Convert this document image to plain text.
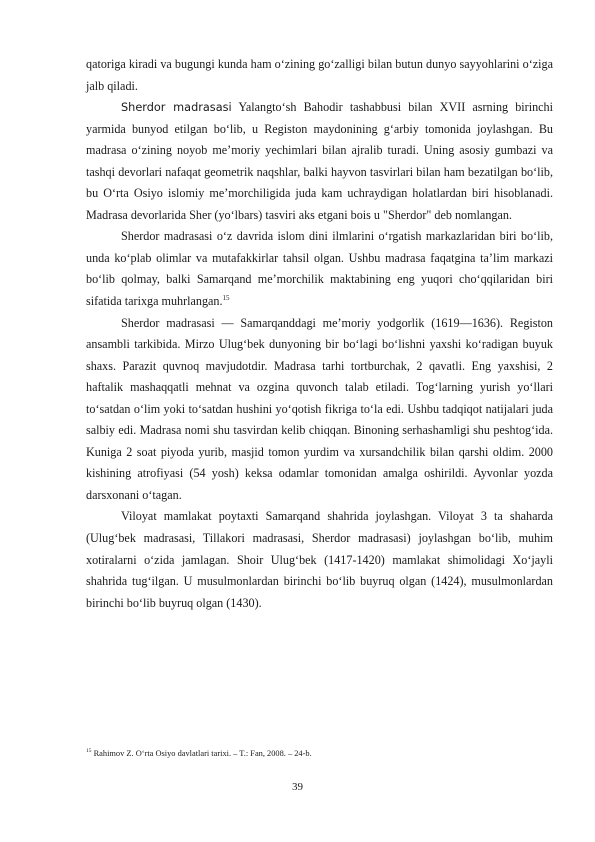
qatoriga kiradi va bugungi kunda ham o‘zining go‘zalligi bilan butun dunyo sayyohlarini o‘ziga jalb qiladi.

Sherdor madrasasi Yalangto‘sh Bahodir tashabbusi bilan XVII asrning birinchi yarmida bunyod etilgan bo‘lib, u Registon maydonining g‘arbiy tomonida joylashgan. Bu madrasa o‘zining noyob me’moriy yechimlari bilan ajralib turadi. Uning asosiy gumbazi va tashqi devorlari nafaqat geometrik naqshlar, balki hayvon tasvirlari bilan ham bezatilgan bo‘lib, bu O‘rta Osiyo islomiy me’morchiligida juda kam uchraydigan holatlardan biri hisoblanadi. Madrasa devorlarida Sher (yo‘lbars) tasviri aks etgani bois u "Sherdor" deb nomlangan.

Sherdor madrasasi o‘z davrida islom dini ilmlarini o‘rgatish markazlaridan biri bo‘lib, unda ko‘plab olimlar va mutafakkirlar tahsil olgan. Ushbu madrasa faqatgina ta’lim markazi bo‘lib qolmay, balki Samarqand me’morchilik maktabining eng yuqori cho‘qqilaridan biri sifatida tarixga muhrlangan.$^{15}$

Sherdor madrasasi — Samarqanddagi meʼmoriy yodgorlik (1619—1636). Registon ansambli tarkibida. Mirzo Ulug‘bek dunyoning bir bo‘lagi bo‘lishni yaxshi ko‘radigan buyuk shaxs. Parazit quvnoq mavjudotdir. Madrasa tarhi tortburchak, 2 qavatli. Eng yaxshisi, 2 haftalik mashaqqatli mehnat va ozgina quvonch talab etiladi. Tog‘larning yurish yo‘llari to‘satdan o‘lim yoki to‘satdan hushini yo‘qotish fikriga to‘la edi. Ushbu tadqiqot natijalari juda salbiy edi. Madrasa nomi shu tasvirdan kelib chiqqan. Binoning serhashamligi shu peshtogʻida. Kuniga 2 soat piyoda yurib, masjid tomon yurdim va xursandchilik bilan qarshi oldim. 2000 kishining atrofiyasi (54 yosh) keksa odamlar tomonidan amalga oshirildi. Ayvonlar yozda darsxonani oʻtagan.

Viloyat mamlakat poytaxti Samarqand shahrida joylashgan. Viloyat 3 ta shaharda (Ulugʻbek madrasasi, Tillakori madrasasi, Sherdor madrasasi) joylashgan boʻlib, muhim xotiralarni oʻzida jamlagan. Shoir Ulugʻbek (1417-1420) mamlakat shimolidagi Xo‘jayli shahrida tug‘ilgan. U musulmonlardan birinchi bo‘lib buyruq olgan (1424), musulmonlardan birinchi bo‘lib buyruq olgan (1430).

$^{15}$ Rahimov Z. O‘rta Osiyo davlatlari tarixi. – T.: Fan, 2008. – 24-b.
39
